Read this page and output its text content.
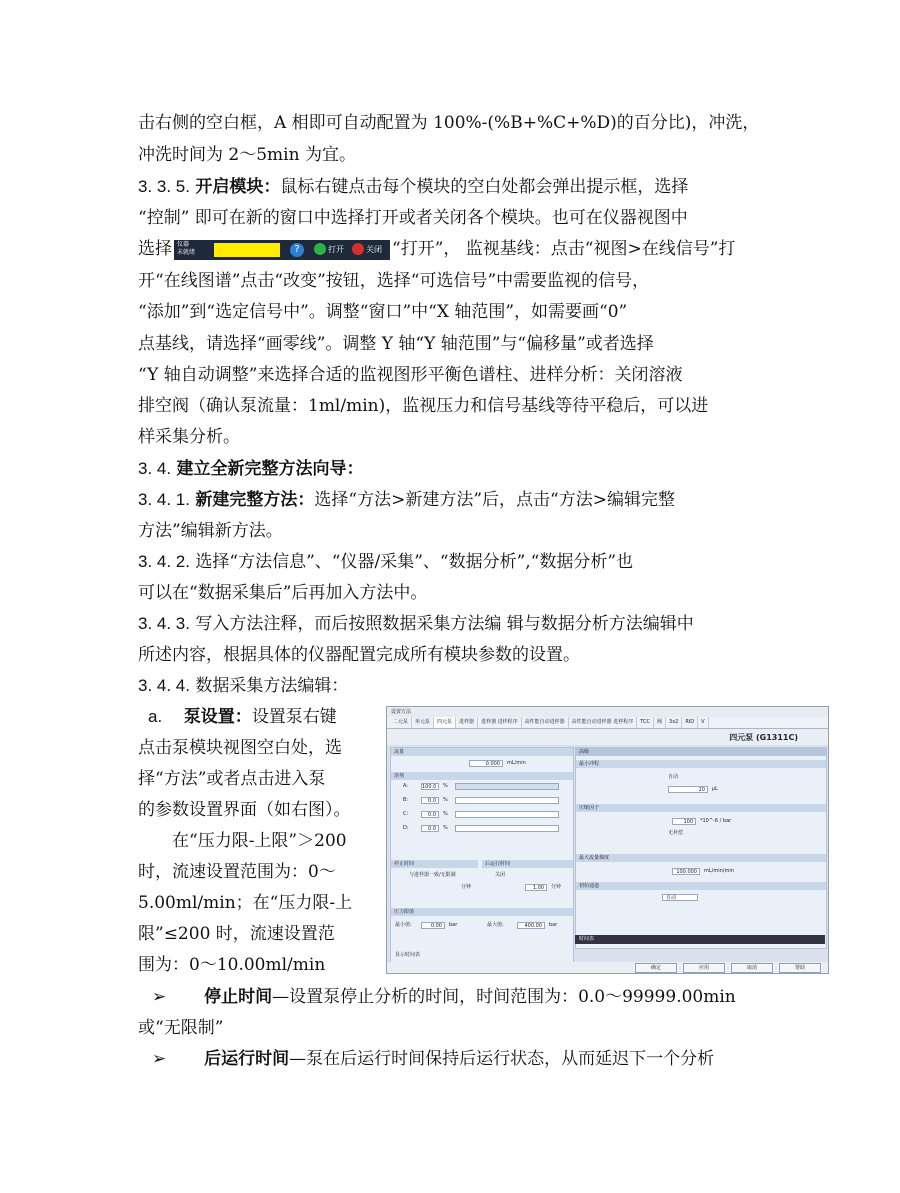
击右侧的空白框，A 相即可自动配置为 100%-(%B+%C+%D)的百分比)，冲洗，
冲洗时间为 2～5min 为宜。
3. 3. 5. 开启模块：鼠标右键点击每个模块的空白处都会弹出提示框，选择
“控制” 即可在新的窗口中选择打开或者关闭各个模块。也可在仪器视图中
选择 仪器
未就绪	?	打开	关闭 “打开”， 监视基线：点击“视图>在线信号”打
开“在线图谱”点击“改变”按钮，选择“可选信号”中需要监视的信号，
“添加”到“选定信号中”。调整“窗口”中“X 轴范围”，如需要画“0”
点基线，请选择“画零线”。调整 Y 轴“Y 轴范围”与“偏移量”或者选择
“Y 轴自动调整”来选择合适的监视图形平衡色谱柱、进样分析：关闭溶液
排空阀（确认泵流量：1ml/min)，监视压力和信号基线等待平稳后，可以进
样采集分析。
3. 4. 建立全新完整方法向导：
3. 4. 1. 新建完整方法：选择“方法>新建方法”后，点击“方法>编辑完整
方法”编辑新方法。
3. 4. 2. 选择“方法信息”、“仪器/采集”、“数据分析”,“数据分析”也
可以在“数据采集后”后再加入方法中。
3. 4. 3. 写入方法注释，而后按照数据采集方法编 辑与数据分析方法编辑中
所述内容，根据具体的仪器配置完成所有模块参数的设置。
3. 4. 4. 数据采集方法编辑：
a. 泵设置：设置泵右键
点击泵模块视图空白处，选
择“方法”或者点击进入泵
的参数设置界面（如右图）。
在“压力限-上限”＞200
时，流速设置范围为：0～
5.00ml/min；在“压力限-上
限”≤200 时，流速设置范
围为：0～10.00ml/min
设置方法
二元泵	单元泵	四元泵	进样器	进样器 进样程序	高性能自动进样器	高性能自动进样器 进样程序	TCC	阀	3x2	RID	V
四元泵 (G1311C)
流量
0.000	mL/min
溶剂
A:	100.0	%
B:	0.0	%
C:	0.0	%
D:	0.0	%
停止时间	后运行时间
与进样器一致/无限制
分钟
关闭
1.00	分钟
压力限值
最小值:	0.00	bar	最大值:	400.00	bar
显示时间表
高级
最小冲程
自动
20	µL
压缩因子
100	*10^-6 / bar
无补偿
最大流量梯度
100.000	mL/min/min
初始通道
自动
时间表
确定	应用	取消	帮助
➢ 停止时间—设置泵停止分析的时间，时间范围为：0.0～99999.00min
或“无限制”
➢ 后运行时间—泵在后运行时间保持后运行状态，从而延迟下一个分析
